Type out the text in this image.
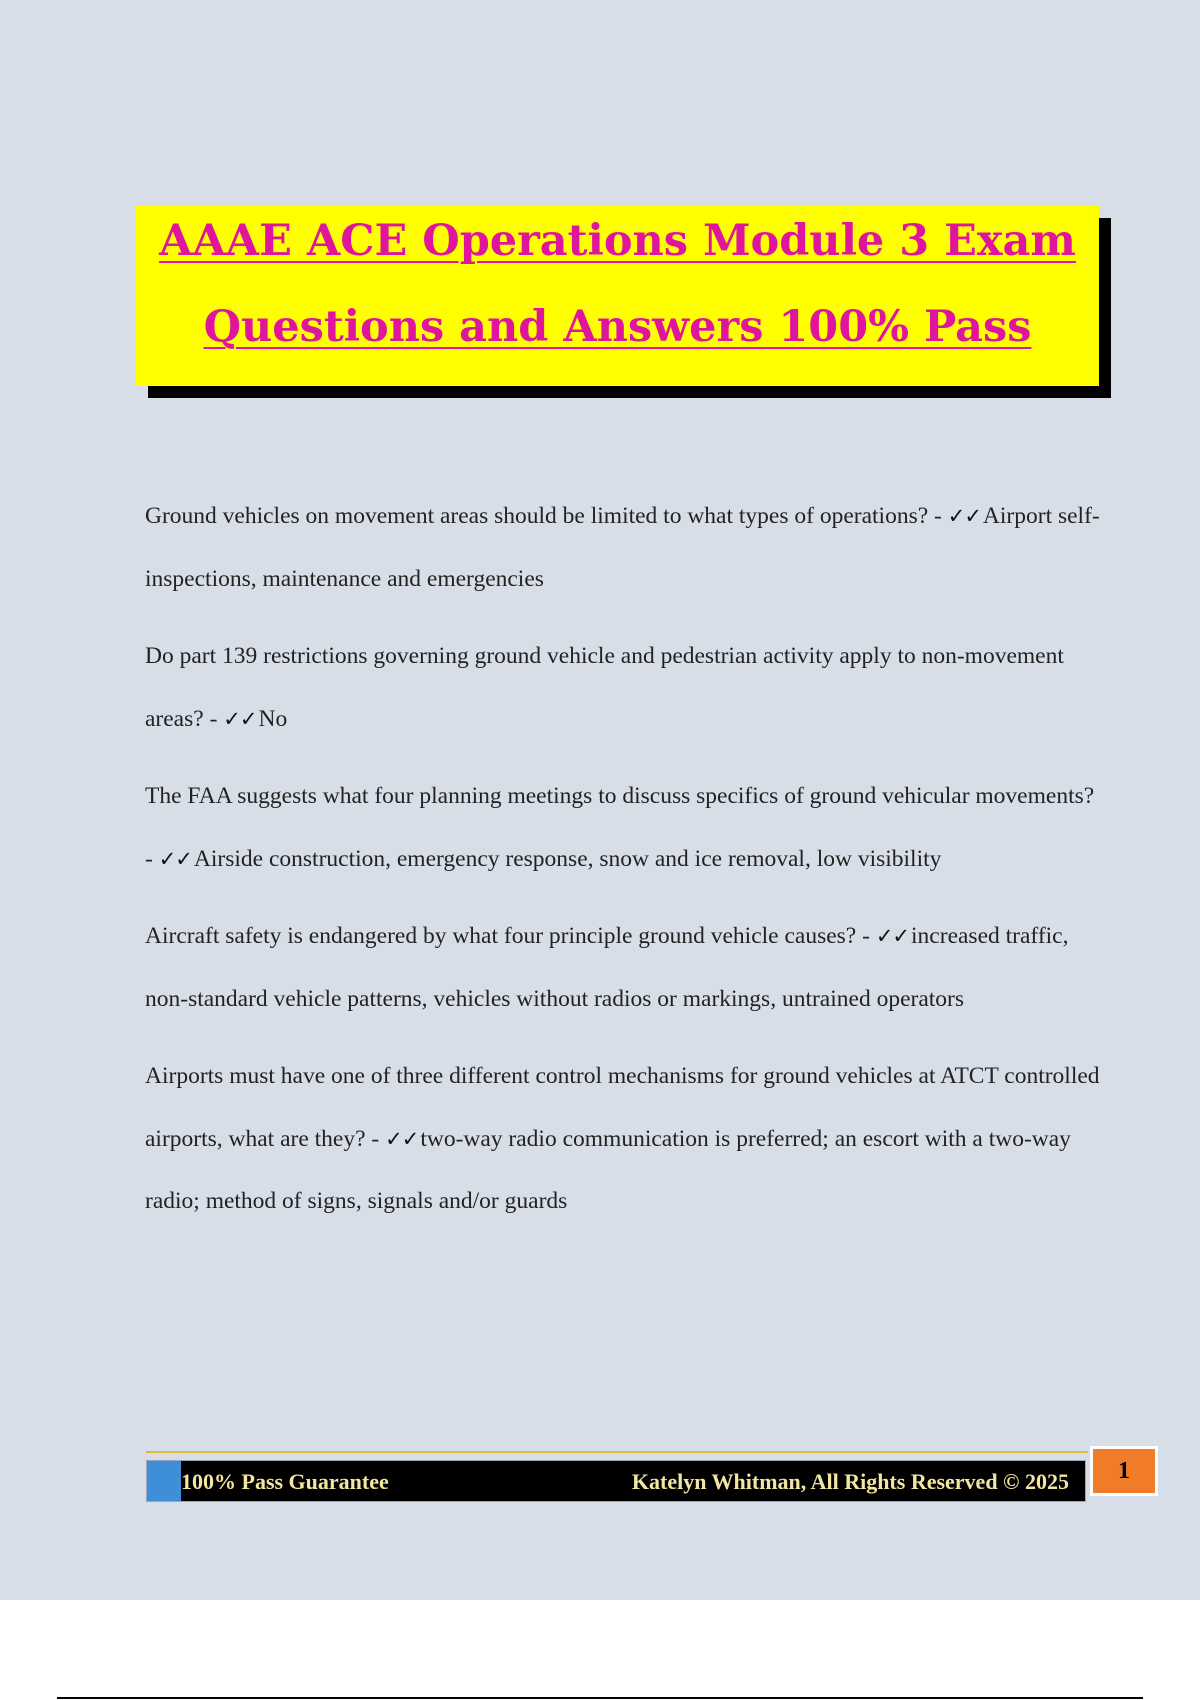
AAAE ACE Operations Module 3 Exam
Questions and Answers 100% Pass
Ground vehicles on movement areas should be limited to what types of operations? - ✓✓Airport self-inspections, maintenance and emergencies
Do part 139 restrictions governing ground vehicle and pedestrian activity apply to non-movement areas? - ✓✓No
The FAA suggests what four planning meetings to discuss specifics of ground vehicular movements? - ✓✓Airside construction, emergency response, snow and ice removal, low visibility
Aircraft safety is endangered by what four principle ground vehicle causes? - ✓✓increased traffic, non-standard vehicle patterns, vehicles without radios or markings, untrained operators
Airports must have one of three different control mechanisms for ground vehicles at ATCT controlled airports, what are they? - ✓✓two-way radio communication is preferred; an escort with a two-way radio; method of signs, signals and/or guards
100% Pass Guarantee	Katelyn Whitman, All Rights Reserved © 2025	1
